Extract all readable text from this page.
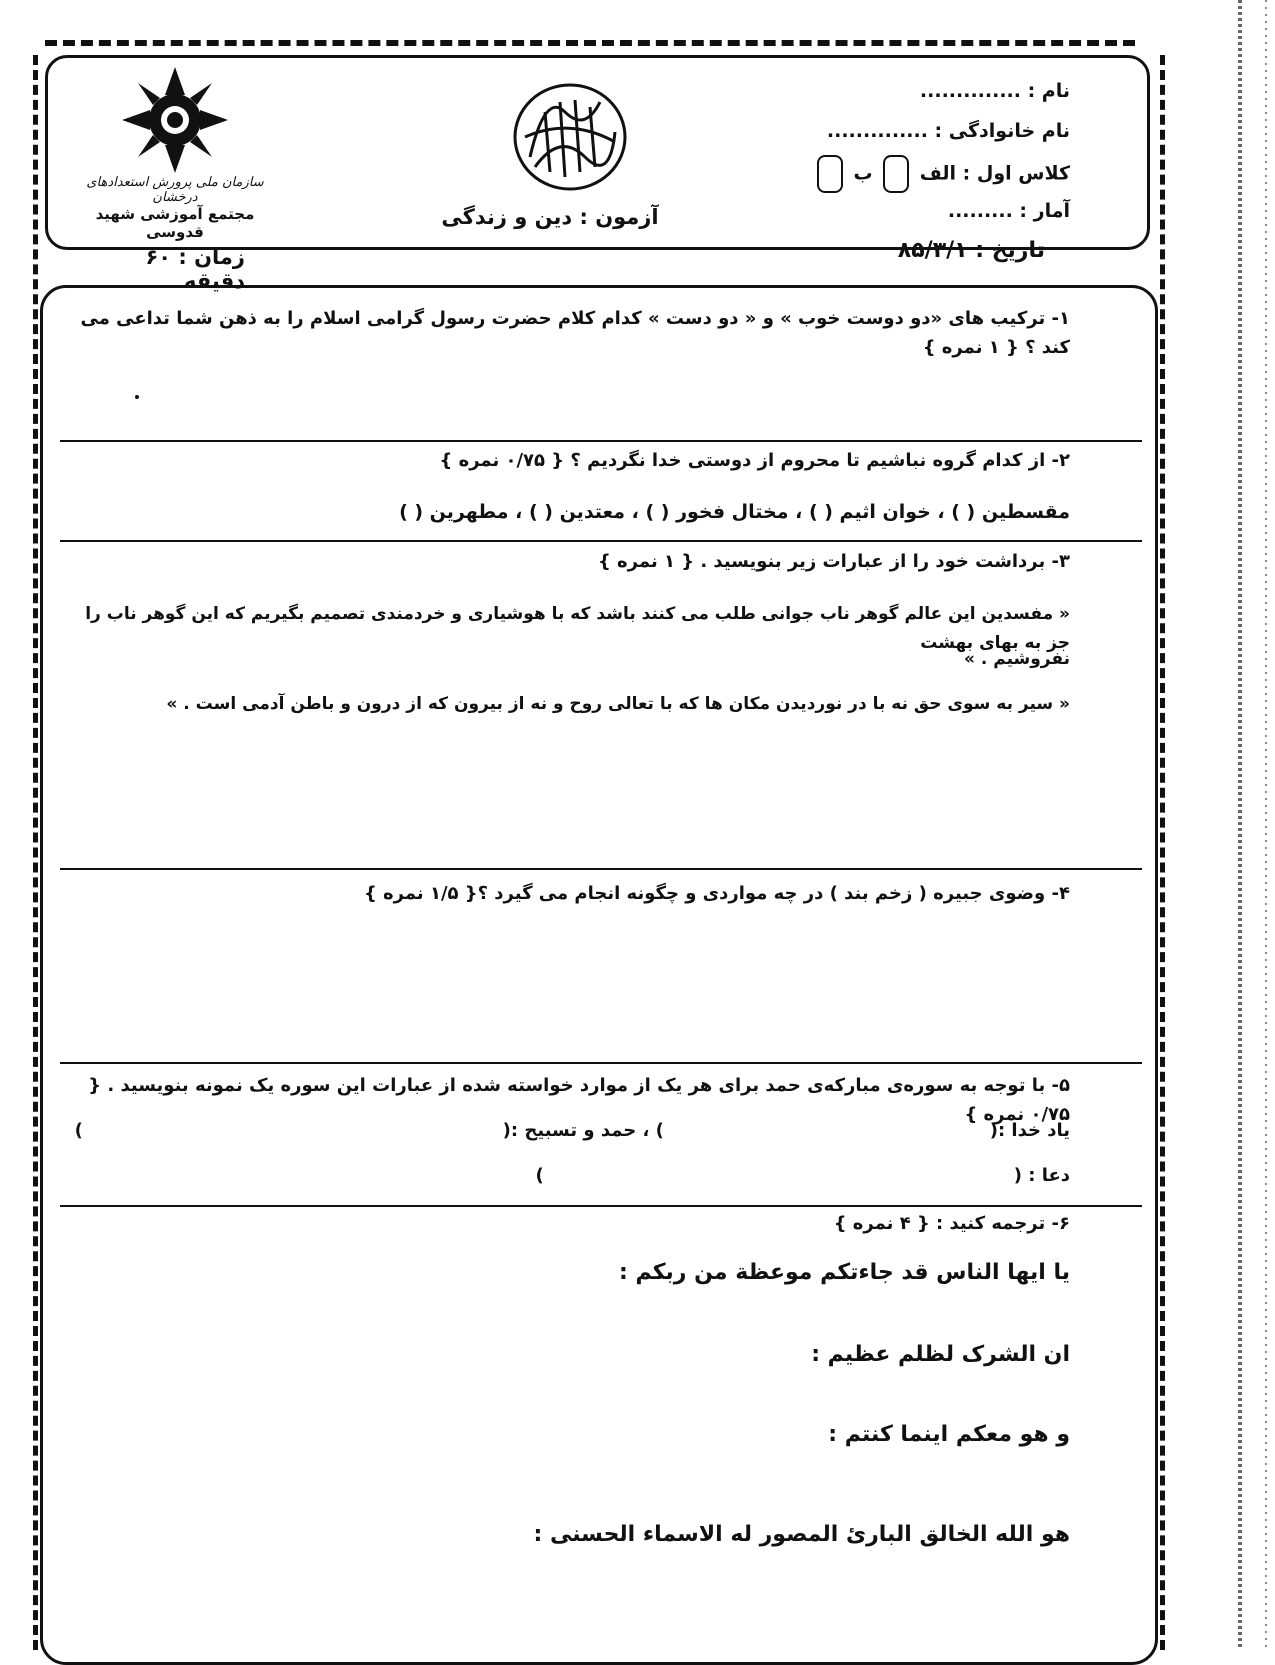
سازمان ملی پرورش استعدادهای درخشان
مجتمع آموزشی شهید قدوسی
نام : ..............
نام خانوادگی : ..............
کلاس اول : الف  ب
آمار : .........
آزمون : دین و زندگی
تاریخ : ۸۵/۳/۱
زمان : ۶۰ دقیقه
۱- ترکیب های «دو دوست خوب » و « دو دست » کدام کلام حضرت رسول گرامی اسلام را به ذهن شما تداعی می کند ؟ { ۱ نمره }
۲- از کدام گروه نباشیم تا محروم از دوستی خدا نگردیم ؟ { ۰/۷۵ نمره }
مقسطین ( ) ، خوان اثیم ( ) ، مختال فخور ( ) ، معتدین ( ) ، مطهرین ( )
۳- برداشت خود را از عبارات زیر بنویسید . { ۱ نمره }
« مفسدین این عالم گوهر ناب جوانی طلب می کنند باشد که با هوشیاری و خردمندی تصمیم بگیریم که این گوهر ناب را جز به بهای بهشت
نفروشیم . »
« سیر به سوی حق نه با در نوردیدن مکان ها که با تعالی روح و نه از بیرون که از درون و باطن آدمی است . »
۴- وضوی جبیره ( زخم بند ) در چه مواردی و چگونه انجام می گیرد ؟{ ۱/۵ نمره }
۵- با توجه به سوره‌ی مبارکه‌ی حمد برای هر یک از موارد خواسته شده از عبارات این سوره یک نمونه بنویسید . { ۰/۷۵ نمره }
یاد خدا :(                                                    ) ، حمد و تسبیح :(                                                                   )
دعا : (                                                                           )
۶- ترجمه کنید : { ۴ نمره }
یا ایها الناس قد جاءتکم موعظة من ربکم :
ان الشرک لظلم عظیم :
و هو معکم اینما کنتم :
هو الله الخالق البارئ المصور له الاسماء الحسنی :
